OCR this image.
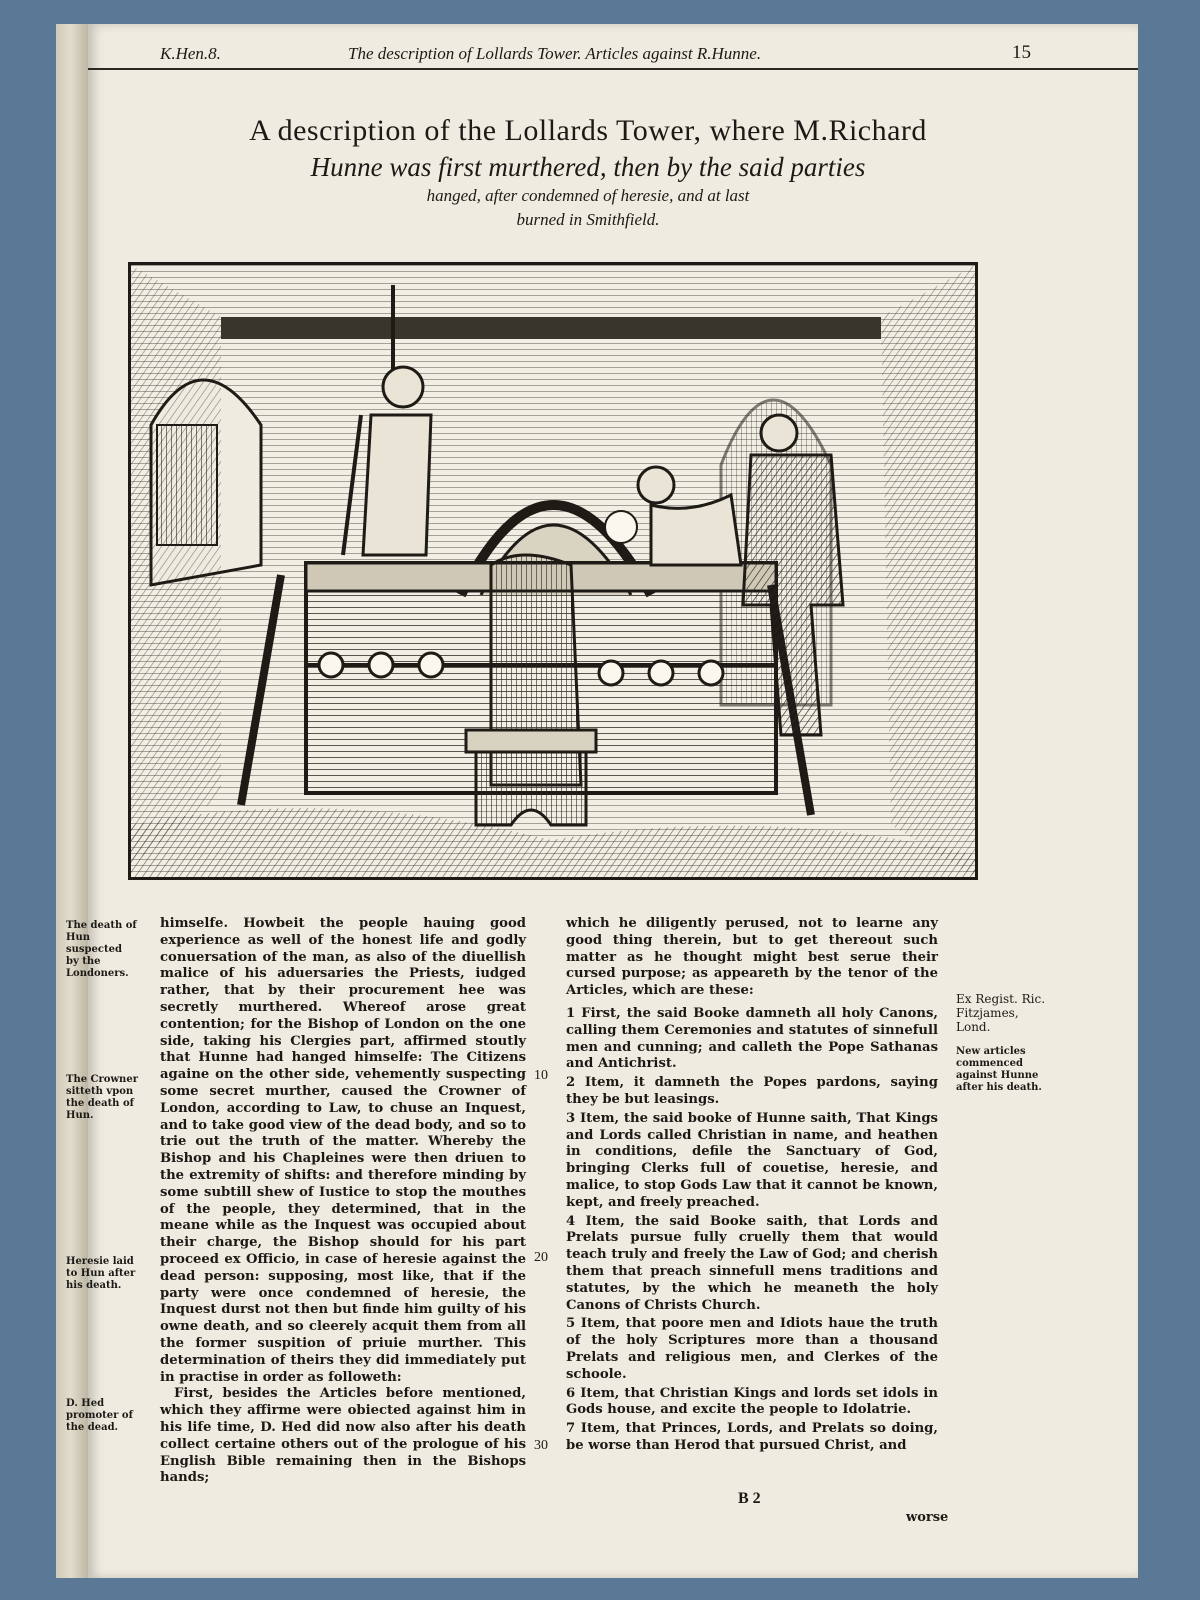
K.Hen.8.	The description of Lollards Tower. Articles against R.Hunne.	15
A description of the Lollards Tower, where M.Richard
Hunne was first murthered, then by the said parties
hanged, after condemned of heresie, and at last
burned in Smithfield.
The death of Hun suspected by the Londoners.
The Crowner sitteth vpon the death of Hun.
Heresie laid to Hun after his death.
D. Hed promoter of the dead.
Ex Regist. Ric. Fitzjames, Lond.
New articles commenced against Hunne after his death.
10
20
30

himselfe. Howbeit the people hauing good experience as well of the honest life and godly conuersation of the man, as also of the diuellish malice of his aduersaries the Priests, iudged rather, that by their procurement hee was secretly murthered. Whereof arose great contention; for the Bishop of London on the one side, taking his Clergies part, affirmed stoutly that Hunne had hanged himselfe: The Citizens againe on the other side, vehemently suspecting some secret murther, caused the Crowner of London, according to Law, to chuse an Inquest, and to take good view of the dead body, and so to trie out the truth of the matter. Whereby the Bishop and his Chapleines were then driuen to the extremity of shifts: and therefore minding by some subtill shew of Iustice to stop the mouthes of the people, they determined, that in the meane while as the Inquest was occupied about their charge, the Bishop should for his part proceed ex Officio, in case of heresie against the dead person: supposing, most like, that if the party were once condemned of heresie, the Inquest durst not then but finde him guilty of his owne death, and so cleerely acquit them from all the former suspition of priuie murther. This determination of theirs they did immediately put in practise in order as followeth:

First, besides the Articles before mentioned, which they affirme were obiected against him in his life time, D. Hed did now also after his death collect certaine others out of the prologue of his English Bible remaining then in the Bishops hands;

which he diligently perused, not to learne any good thing therein, but to get thereout such matter as he thought might best serue their cursed purpose; as appeareth by the tenor of the Articles, which are these:

1 First, the said Booke damneth all holy Canons, calling them Ceremonies and statutes of sinnefull men and cunning; and calleth the Pope Sathanas and Antichrist.

2 Item, it damneth the Popes pardons, saying they be but leasings.

3 Item, the said booke of Hunne saith, That Kings and Lords called Christian in name, and heathen in conditions, defile the Sanctuary of God, bringing Clerks full of couetise, heresie, and malice, to stop Gods Law that it cannot be known, kept, and freely preached.

4 Item, the said Booke saith, that Lords and Prelats pursue fully cruelly them that would teach truly and freely the Law of God; and cherish them that preach sinnefull mens traditions and statutes, by the which he meaneth the holy Canons of Christs Church.

5 Item, that poore men and Idiots haue the truth of the holy Scriptures more than a thousand Prelats and religious men, and Clerkes of the schoole.

6 Item, that Christian Kings and lords set idols in Gods house, and excite the people to Idolatrie.

7 Item, that Princes, Lords, and Prelats so doing, be worse than Herod that pursued Christ, and

B 2
worse
